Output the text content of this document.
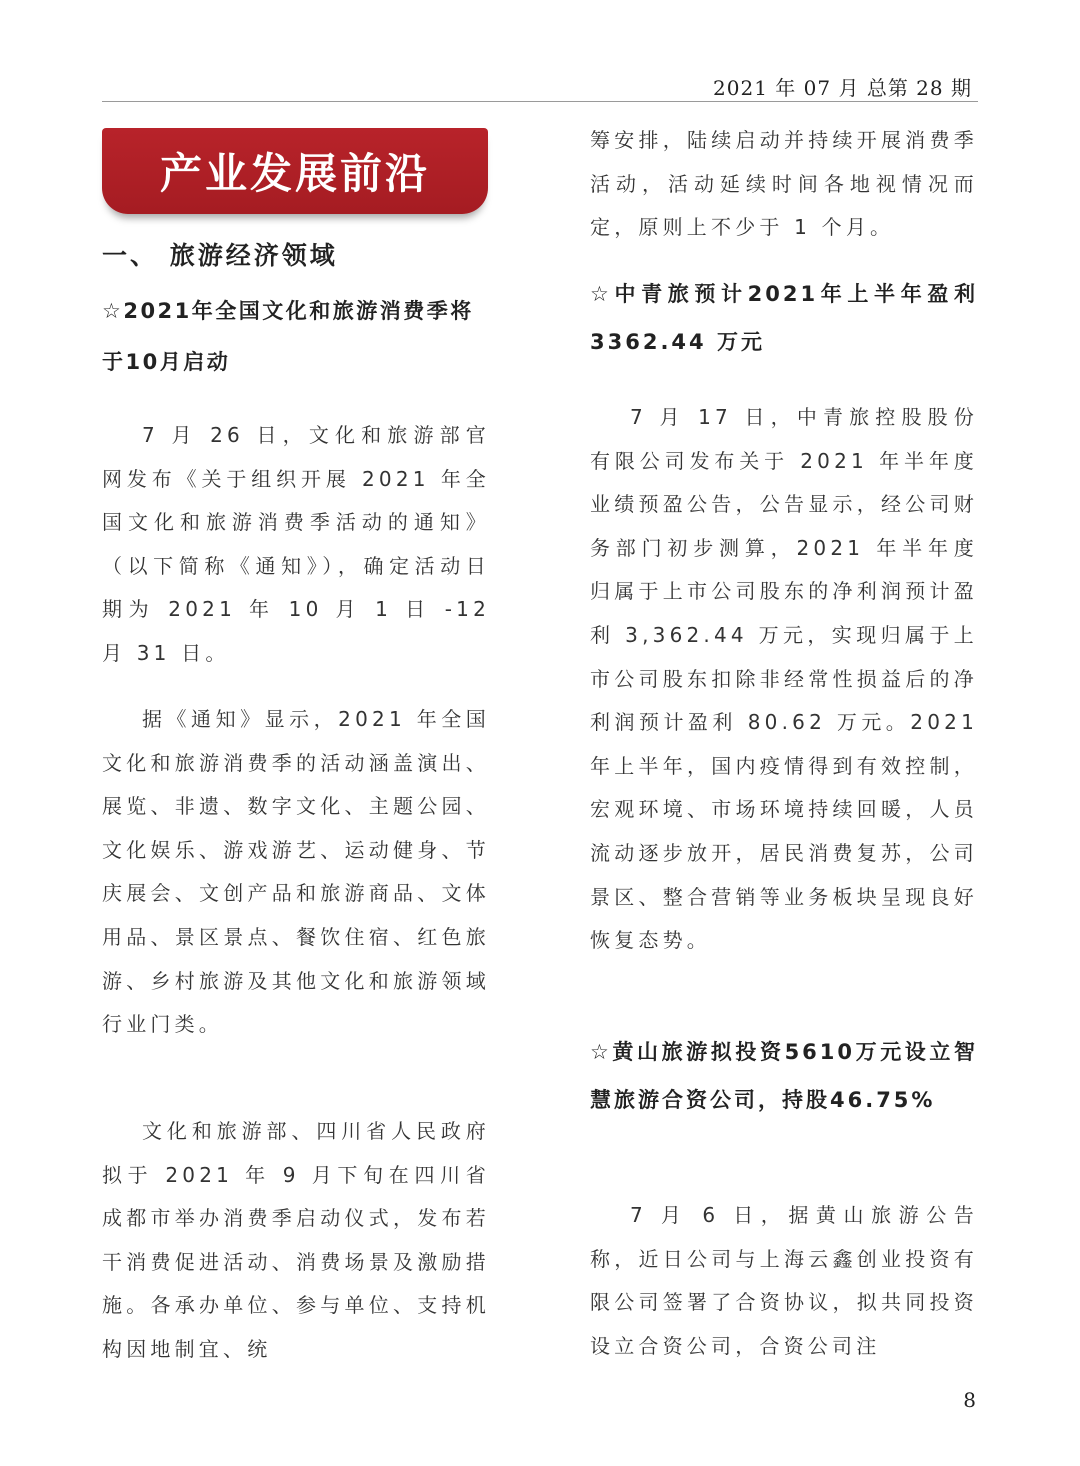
2021 年 07 月 总第 28 期
产业发展前沿
一、 旅游经济领域

☆2021年全国文化和旅游消费季将于10月启动

7 月 26 日，文化和旅游部官网发布《关于组织开展 2021 年全国文化和旅游消费季活动的通知》（以下简称《通知》），确定活动日期为 2021 年 10 月 1 日 -12 月 31 日。

据《通知》显示，2021 年全国文化和旅游消费季的活动涵盖演出、展览、非遗、数字文化、主题公园、文化娱乐、游戏游艺、运动健身、节庆展会、文创产品和旅游商品、文体用品、景区景点、餐饮住宿、红色旅游、乡村旅游及其他文化和旅游领域行业门类。

文化和旅游部、四川省人民政府拟于 2021 年 9 月下旬在四川省成都市举办消费季启动仪式，发布若干消费促进活动、消费场景及激励措施。各承办单位、参与单位、支持机构因地制宜、统

筹安排，陆续启动并持续开展消费季活动，活动延续时间各地视情况而定，原则上不少于 1 个月。

☆中青旅预计2021年上半年盈利3362.44 万元

7 月 17 日，中青旅控股股份有限公司发布关于 2021 年半年度业绩预盈公告，公告显示，经公司财务部门初步测算，2021 年半年度归属于上市公司股东的净利润预计盈利 3,362.44 万元，实现归属于上市公司股东扣除非经常性损益后的净利润预计盈利 80.62 万元。2021 年上半年，国内疫情得到有效控制，宏观环境、市场环境持续回暖，人员流动逐步放开，居民消费复苏，公司景区、整合营销等业务板块呈现良好恢复态势。

☆黄山旅游拟投资5610万元设立智慧旅游合资公司，持股46.75%

7 月 6 日，据黄山旅游公告称，近日公司与上海云鑫创业投资有限公司签署了合资协议，拟共同投资设立合资公司，合资公司注

8
